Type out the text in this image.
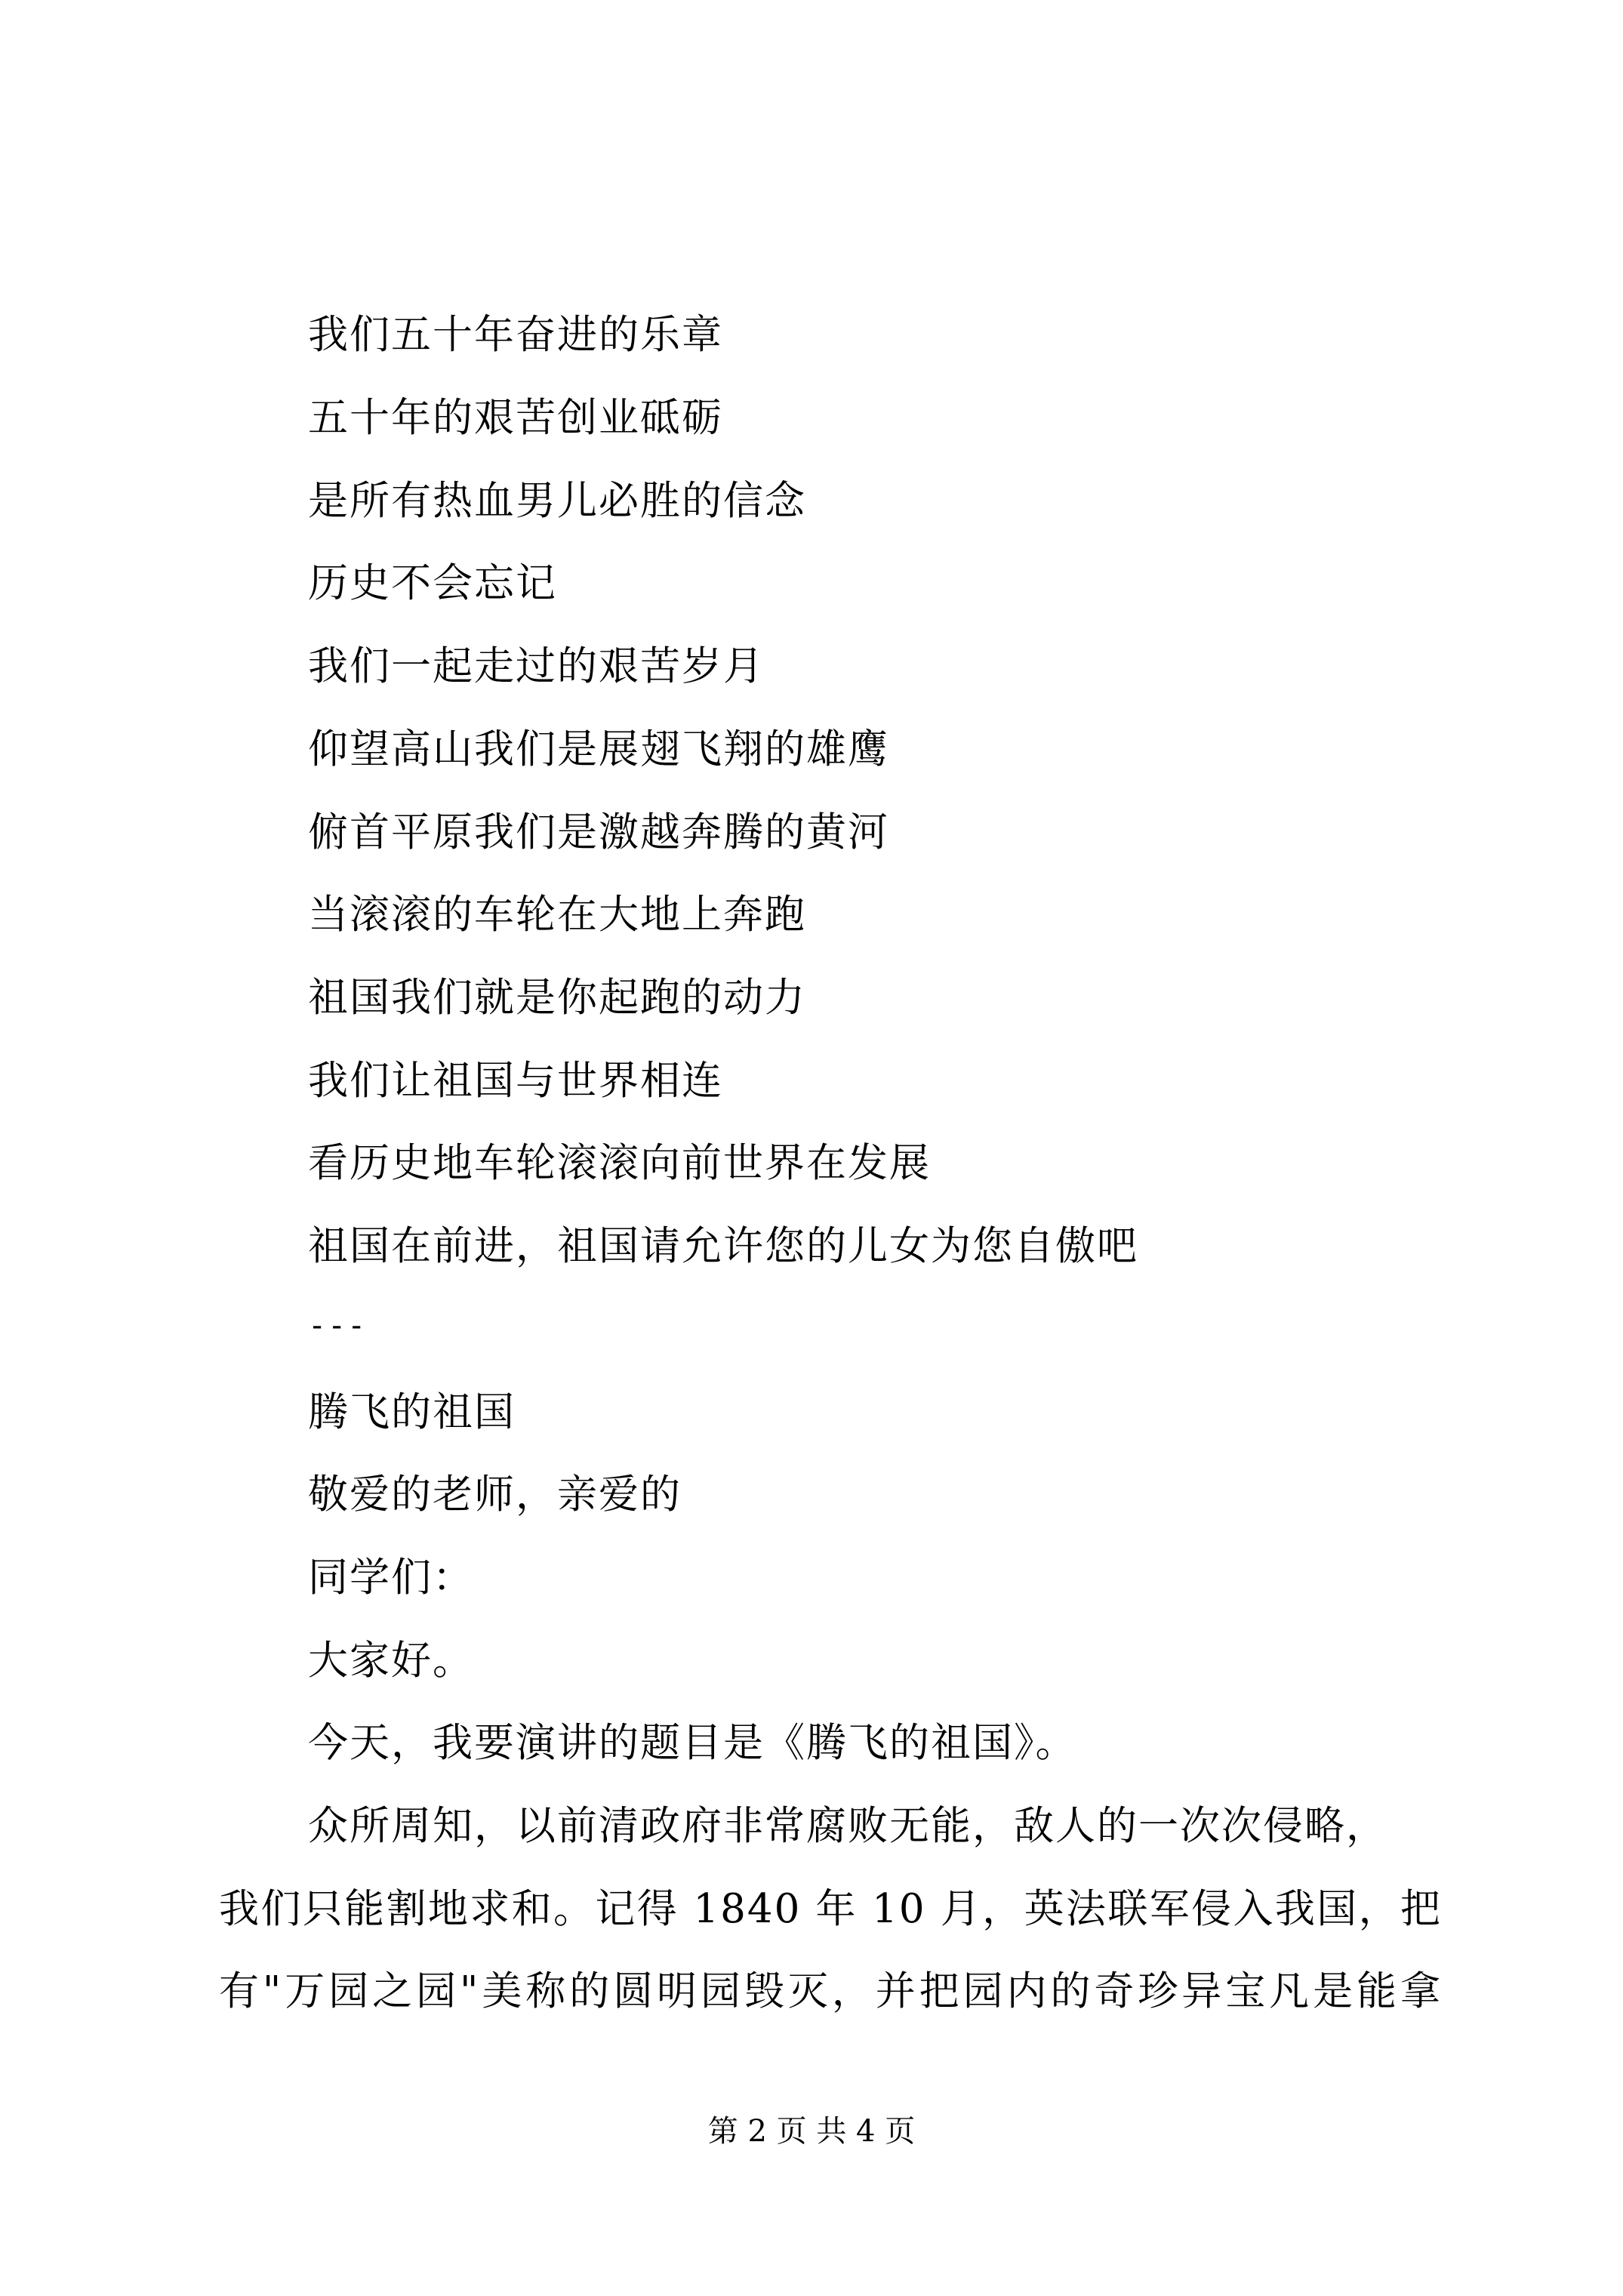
我们五十年奋进的乐章
五十年的艰苦创业砥砺
是所有热血男儿必胜的信念
历史不会忘记
我们一起走过的艰苦岁月
仰望高山我们是展翅飞翔的雄鹰
俯首平原我们是激越奔腾的黄河
当滚滚的车轮在大地上奔跑
祖国我们就是你起跑的动力
我们让祖国与世界相连
看历史地车轮滚滚向前世界在发展
祖国在前进，祖国请允许您的儿女为您自傲吧
---
腾飞的祖国
敬爱的老师，亲爱的
同学们：
大家好。
今天，我要演讲的题目是《腾飞的祖国》。
众所周知，以前清政府非常腐败无能，敌人的一次次侵略，
我们只能割地求和。记得 1840 年 10 月，英法联军侵入我国，把
有"万园之园"美称的圆明园毁灭，并把园内的奇珍异宝凡是能拿
第 2 页 共 4 页
